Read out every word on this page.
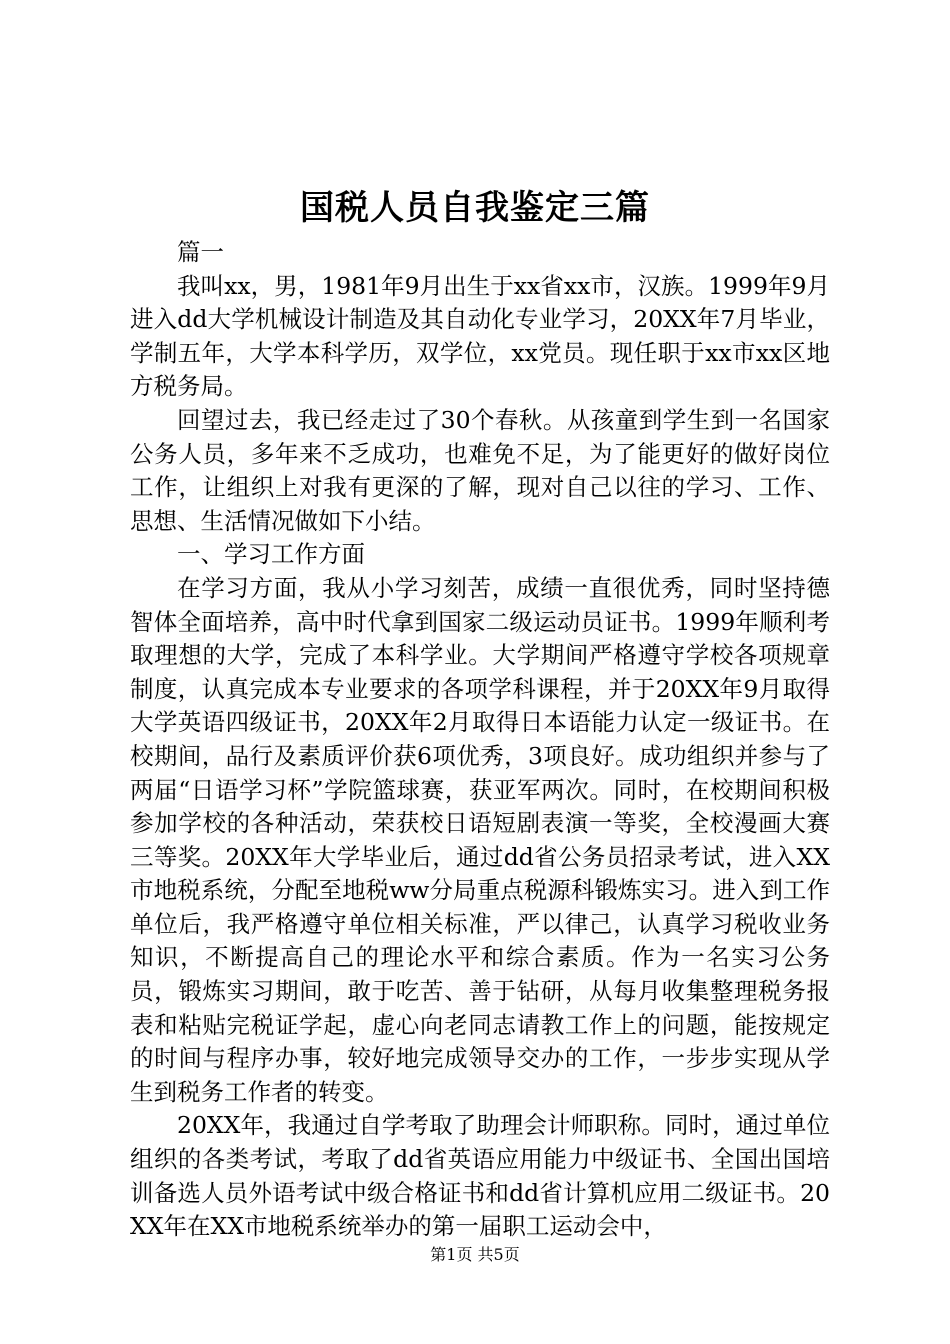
国税人员自我鉴定三篇

篇一

我叫xx，男，1981年9月出生于xx省xx市，汉族。1999年9月进入dd大学机械设计制造及其自动化专业学习，20XX年7月毕业，学制五年，大学本科学历，双学位，xx党员。现任职于xx市xx区地方税务局。

回望过去，我已经走过了30个春秋。从孩童到学生到一名国家公务人员，多年来不乏成功，也难免不足，为了能更好的做好岗位工作，让组织上对我有更深的了解，现对自己以往的学习、工作、思想、生活情况做如下小结。

一、学习工作方面

在学习方面，我从小学习刻苦，成绩一直很优秀，同时坚持德智体全面培养，高中时代拿到国家二级运动员证书。1999年顺利考取理想的大学，完成了本科学业。大学期间严格遵守学校各项规章制度，认真完成本专业要求的各项学科课程，并于20XX年9月取得大学英语四级证书，20XX年2月取得日本语能力认定一级证书。在校期间，品行及素质评价获6项优秀，3项良好。成功组织并参与了两届“日语学习杯”学院篮球赛，获亚军两次。同时，在校期间积极参加学校的各种活动，荣获校日语短剧表演一等奖，全校漫画大赛三等奖。20XX年大学毕业后，通过dd省公务员招录考试，进入XX市地税系统，分配至地税ww分局重点税源科锻炼实习。进入到工作单位后，我严格遵守单位相关标准，严以律己，认真学习税收业务知识，不断提高自己的理论水平和综合素质。作为一名实习公务员，锻炼实习期间，敢于吃苦、善于钻研，从每月收集整理税务报表和粘贴完税证学起，虚心向老同志请教工作上的问题，能按规定的时间与程序办事，较好地完成领导交办的工作，一步步实现从学生到税务工作者的转变。

20XX年，我通过自学考取了助理会计师职称。同时，通过单位组织的各类考试，考取了dd省英语应用能力中级证书、全国出国培训备选人员外语考试中级合格证书和dd省计算机应用二级证书。20XX年在XX市地税系统举办的第一届职工运动会中，

第1页 共5页
